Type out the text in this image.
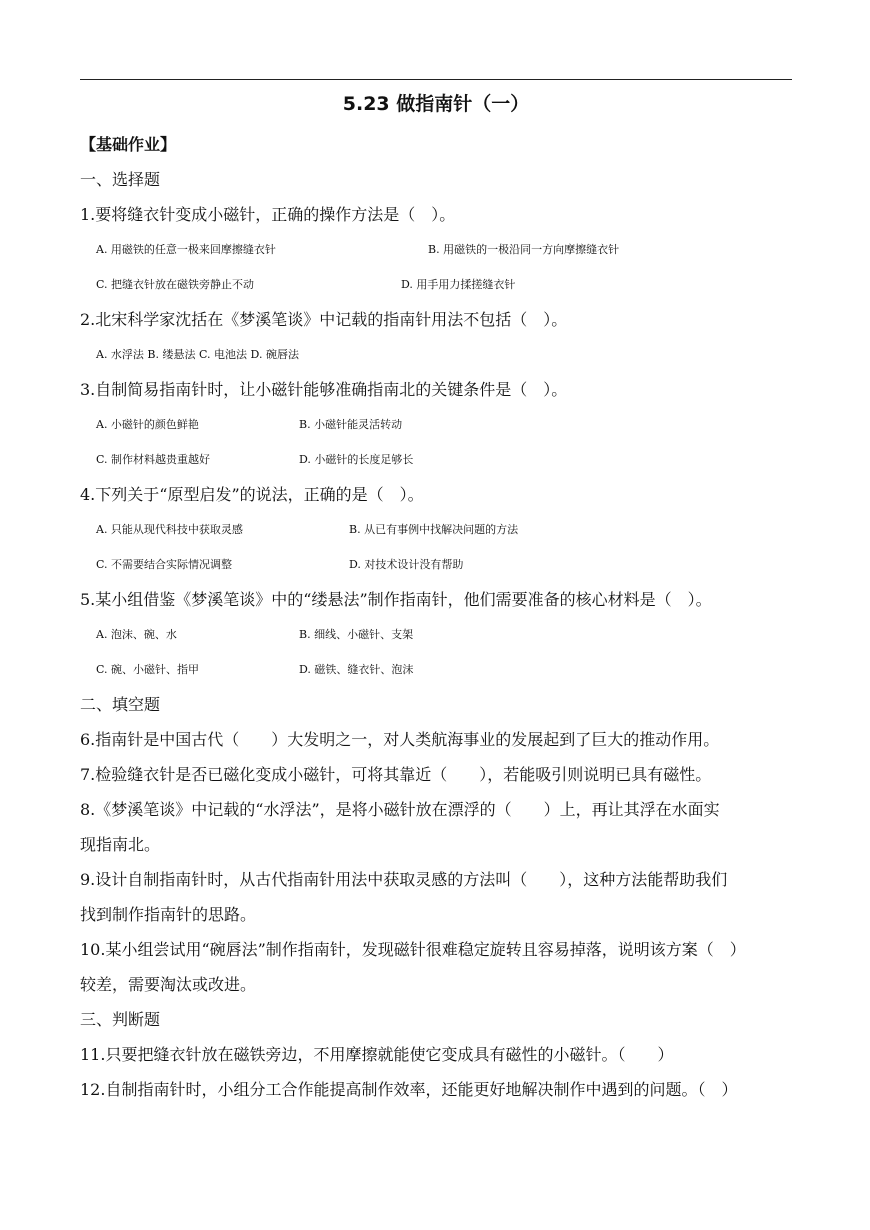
5.23 做指南针（一）
【基础作业】
一、选择题
1.要将缝衣针变成小磁针，正确的操作方法是（　）。
A. 用磁铁的任意一极来回摩擦缝衣针	B. 用磁铁的一极沿同一方向摩擦缝衣针
C. 把缝衣针放在磁铁旁静止不动	D. 用手用力揉搓缝衣针
2.北宋科学家沈括在《梦溪笔谈》中记载的指南针用法不包括（　）。
A. 水浮法 B. 缕悬法 C. 电池法 D. 碗唇法
3.自制简易指南针时，让小磁针能够准确指南北的关键条件是（　）。
A. 小磁针的颜色鲜艳	B. 小磁针能灵活转动
C. 制作材料越贵重越好	D. 小磁针的长度足够长
4.下列关于“原型启发”的说法，正确的是（　）。
A. 只能从现代科技中获取灵感	B. 从已有事例中找解决问题的方法
C. 不需要结合实际情况调整	D. 对技术设计没有帮助
5.某小组借鉴《梦溪笔谈》中的“缕悬法”制作指南针，他们需要准备的核心材料是（　）。
A. 泡沫、碗、水	B. 细线、小磁针、支架
C. 碗、小磁针、指甲	D. 磁铁、缝衣针、泡沫
二、填空题
6.指南针是中国古代（　　）大发明之一，对人类航海事业的发展起到了巨大的推动作用。
7.检验缝衣针是否已磁化变成小磁针，可将其靠近（　　），若能吸引则说明已具有磁性。
8.《梦溪笔谈》中记载的“水浮法”，是将小磁针放在漂浮的（　　）上，再让其浮在水面实
现指南北。
9.设计自制指南针时，从古代指南针用法中获取灵感的方法叫（　　），这种方法能帮助我们
找到制作指南针的思路。
10.某小组尝试用“碗唇法”制作指南针，发现磁针很难稳定旋转且容易掉落，说明该方案（　）
较差，需要淘汰或改进。
三、判断题
11.只要把缝衣针放在磁铁旁边，不用摩擦就能使它变成具有磁性的小磁针。（　　）
12.自制指南针时，小组分工合作能提高制作效率，还能更好地解决制作中遇到的问题。（　）
